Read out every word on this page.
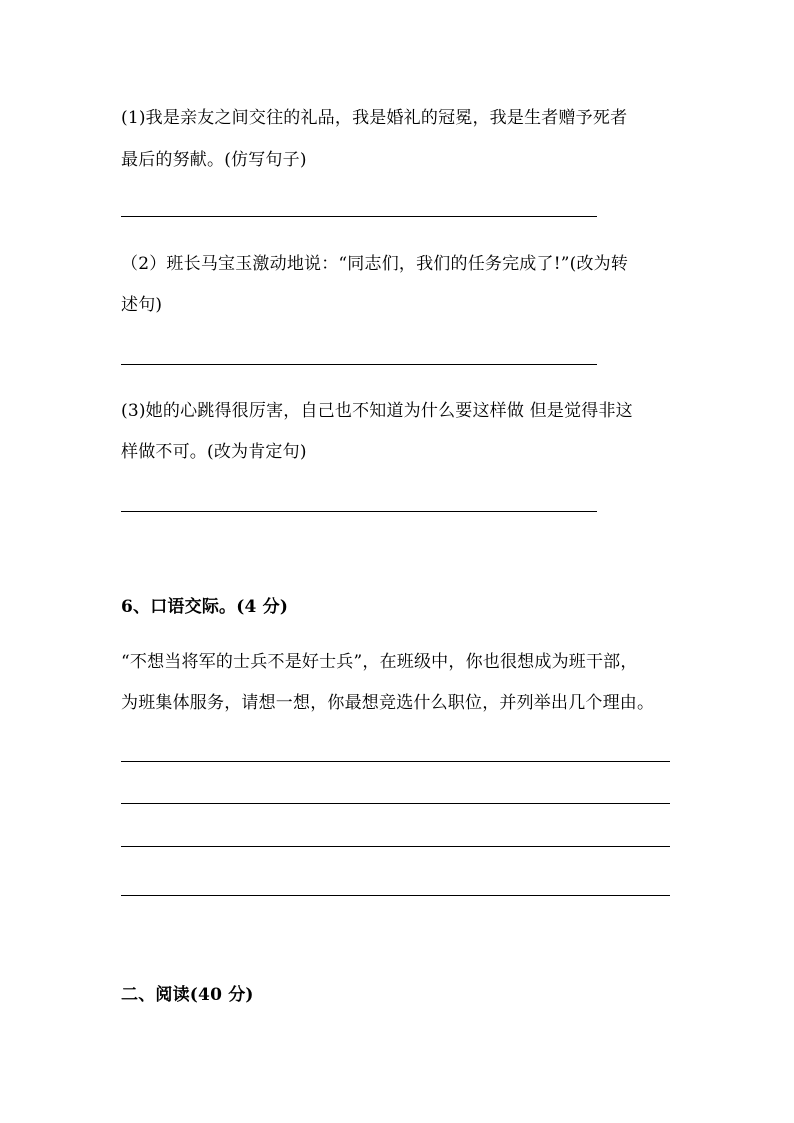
(1)我是亲友之间交往的礼品，我是婚礼的冠冕，我是生者赠予死者
最后的努献。(仿写句子)
（2）班长马宝玉激动地说：“同志们，我们的任务完成了!”(改为转
述句)
(3)她的心跳得很厉害，自己也不知道为什么要这样做 但是觉得非这
样做不可。(改为肯定句)
6、口语交际。(4 分)
“不想当将军的士兵不是好士兵”，在班级中，你也很想成为班干部，
为班集体服务，请想一想，你最想竞选什么职位，并列举出几个理由。
二、阅读(40 分)
